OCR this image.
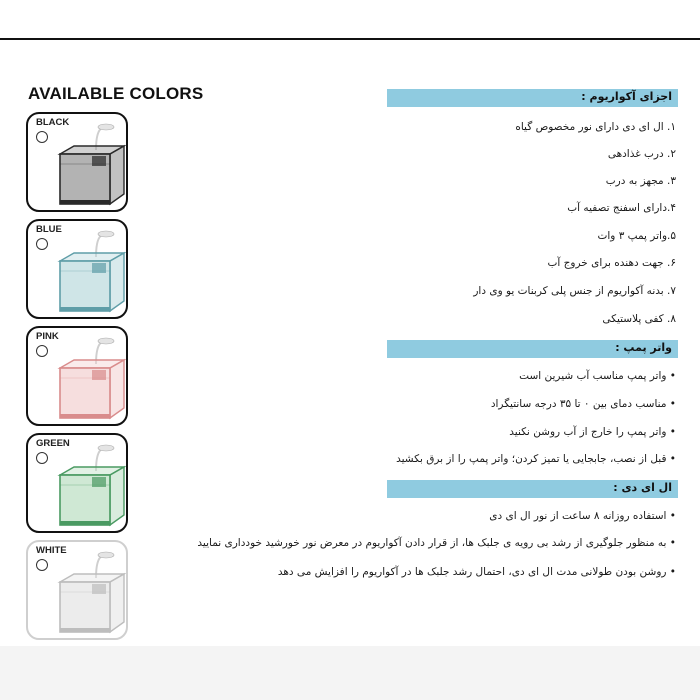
AVAILABLE COLORS
BLACK
BLUE
PINK
GREEN
WHITE
اجزای آکواریوم :
١. ال ای دی دارای نور مخصوص گیاه
٢. درب غذادهی
٣. مجهز به درب
۴.دارای اسفنج تصفیه آب
۵.واتر پمپ ٣ وات
۶. جهت دهنده برای خروج آب
٧. بدنه آکواریوم از جنس پلی کربنات یو وی دار
٨. کفی پلاستیکی
واتر پمپ :
• واتر پمپ مناسب آب شیرین است
• مناسب دمای بین ٠ تا ٣۵ درجه سانتیگراد
• واتر پمپ را خارج از آب روشن نکنید
• قبل از نصب، جابجایی یا تمیز کردن؛ واتر پمپ را از برق بکشید
ال ای دی :
• استفاده روزانه ٨ ساعت از نور ال ای دی
• به منظور جلوگیری از رشد بی رویه ی جلبک ها، از قرار دادن آکواریوم در معرض نور خورشید خودداری نمایید
• روشن بودن طولانی مدت ال ای دی، احتمال رشد جلبک ها در آکواریوم را افزایش می دهد
